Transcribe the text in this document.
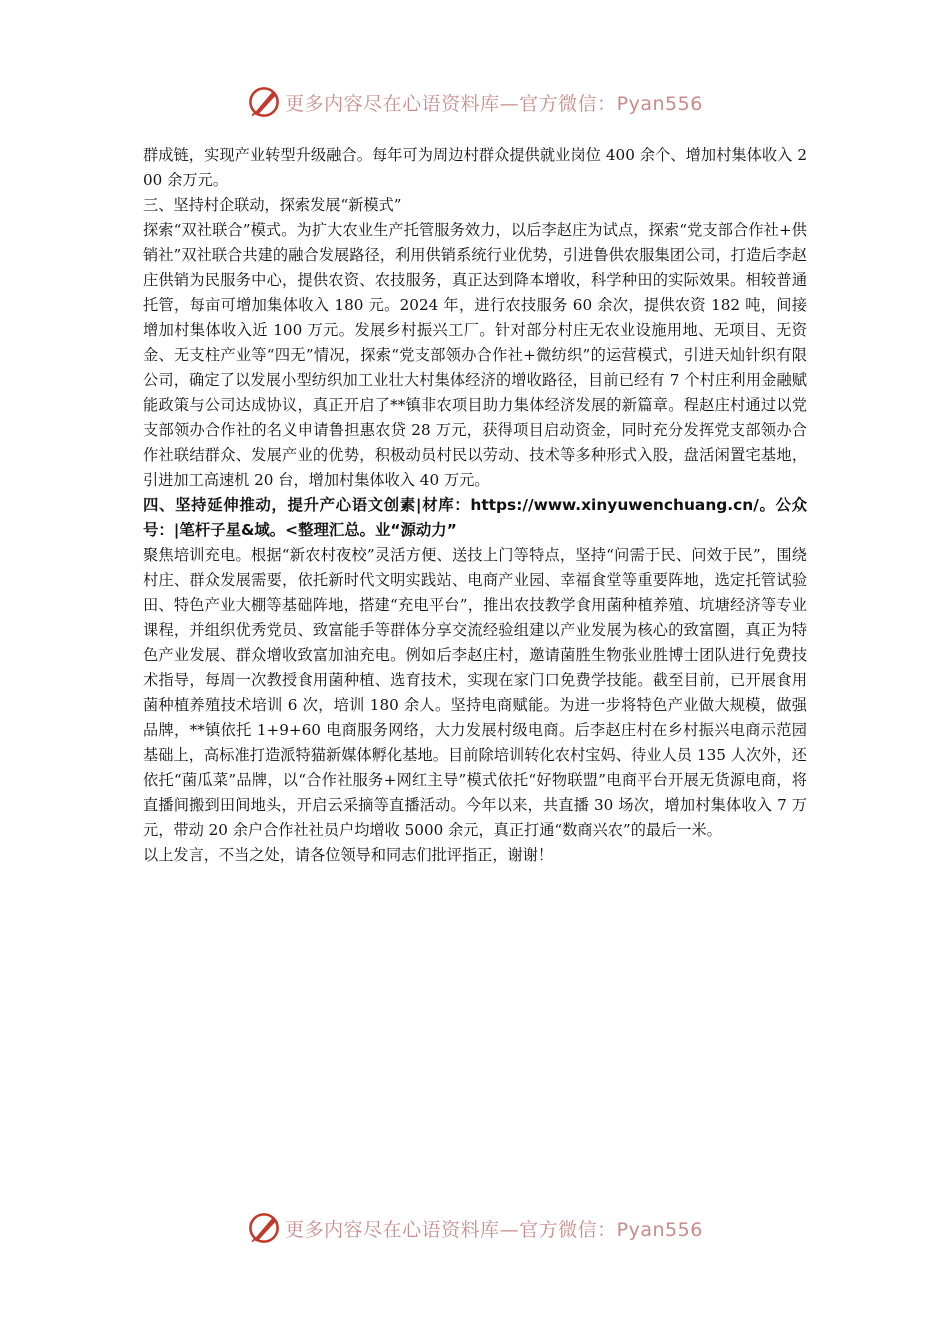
更多内容尽在心语资料库—官方微信：Pyan556

群成链，实现产业转型升级融合。每年可为周边村群众提供就业岗位 400 余个、增加村集体收入 200 余万元。

三、坚持村企联动，探索发展“新模式”

探索“双社联合”模式。为扩大农业生产托管服务效力，以后李赵庄为试点，探索“党支部合作社+供销社”双社联合共建的融合发展路径，利用供销系统行业优势，引进鲁供农服集团公司，打造后李赵庄供销为民服务中心，提供农资、农技服务，真正达到降本增收，科学种田的实际效果。相较普通托管，每亩可增加集体收入 180 元。2024 年，进行农技服务 60 余次，提供农资 182 吨，间接增加村集体收入近 100 万元。发展乡村振兴工厂。针对部分村庄无农业设施用地、无项目、无资金、无支柱产业等“四无”情况，探索“党支部领办合作社+微纺织”的运营模式，引进天灿针织有限公司，确定了以发展小型纺织加工业壮大村集体经济的增收路径，目前已经有 7 个村庄利用金融赋能政策与公司达成协议，真正开启了**镇非农项目助力集体经济发展的新篇章。程赵庄村通过以党支部领办合作社的名义申请鲁担惠农贷 28 万元，获得项目启动资金，同时充分发挥党支部领办合作社联结群众、发展产业的优势，积极动员村民以劳动、技术等多种形式入股，盘活闲置宅基地，引进加工高速机 20 台，增加村集体收入 40 万元。

四、坚持延伸推动，提升产心语文创素|材库：https://www.xinyuwenchuang.cn/。公众号：|笔杆子星&域。<整理汇总。业“源动力”

聚焦培训充电。根据“新农村夜校”灵活方便、送技上门等特点，坚持“问需于民、问效于民”，围绕村庄、群众发展需要，依托新时代文明实践站、电商产业园、幸福食堂等重要阵地，选定托管试验田、特色产业大棚等基础阵地，搭建“充电平台”，推出农技教学食用菌种植养殖、坑塘经济等专业课程，并组织优秀党员、致富能手等群体分享交流经验组建以产业发展为核心的致富圈，真正为特色产业发展、群众增收致富加油充电。例如后李赵庄村，邀请菌胜生物张业胜博士团队进行免费技术指导，每周一次教授食用菌种植、选育技术，实现在家门口免费学技能。截至目前，已开展食用菌种植养殖技术培训 6 次，培训 180 余人。坚持电商赋能。为进一步将特色产业做大规模，做强品牌，**镇依托 1+9+60 电商服务网络，大力发展村级电商。后李赵庄村在乡村振兴电商示范园基础上，高标准打造派特猫新媒体孵化基地。目前除培训转化农村宝妈、待业人员 135 人次外，还依托“菌瓜菜”品牌，以“合作社服务+网红主导”模式依托“好物联盟”电商平台开展无货源电商，将直播间搬到田间地头，开启云采摘等直播活动。今年以来，共直播 30 场次，增加村集体收入 7 万元，带动 20 余户合作社社员户均增收 5000 余元，真正打通“数商兴农”的最后一米。

以上发言，不当之处，请各位领导和同志们批评指正，谢谢！

更多内容尽在心语资料库—官方微信：Pyan556
